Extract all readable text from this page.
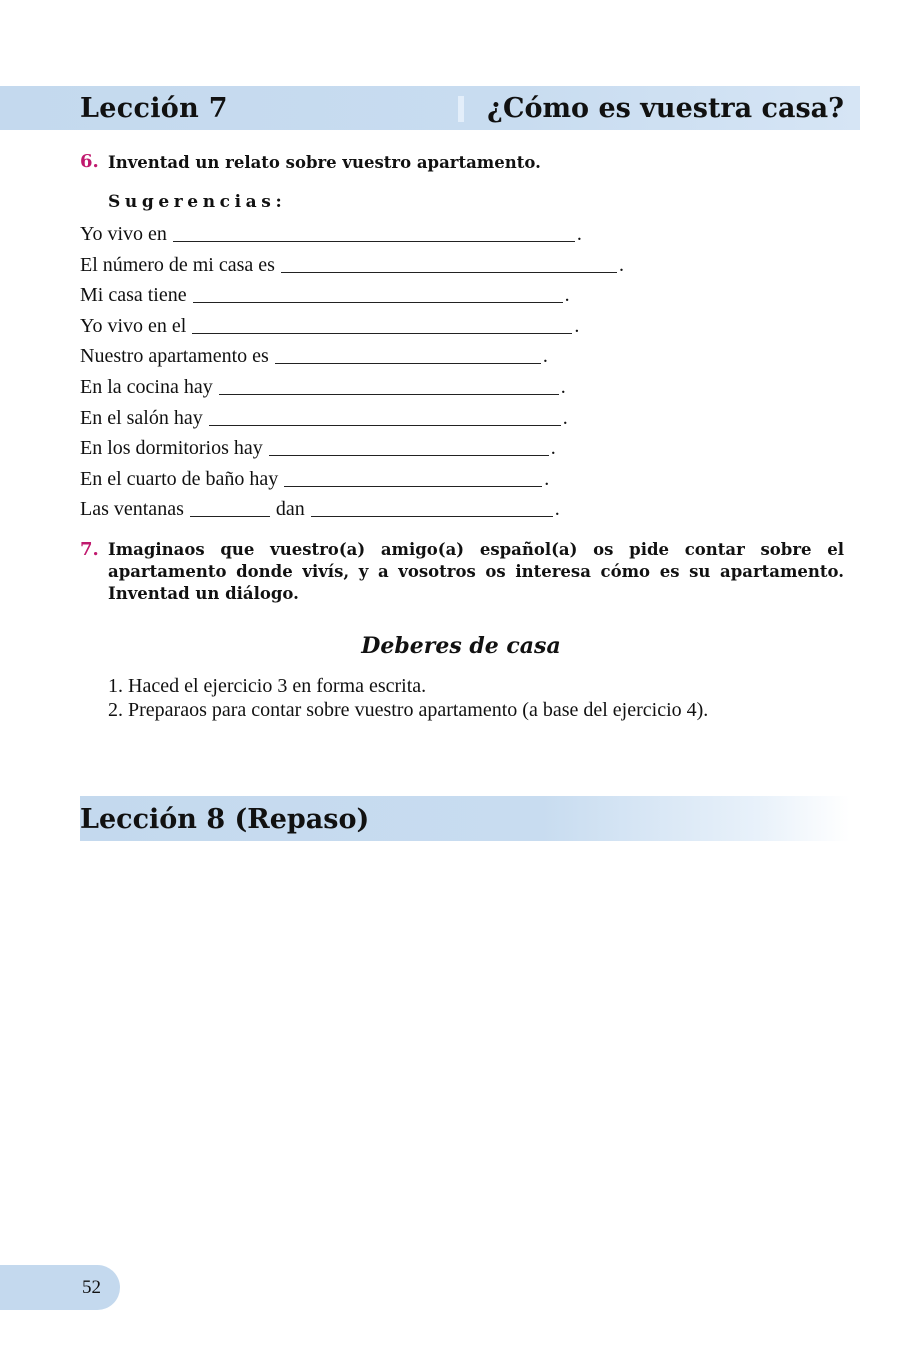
Lección 7	¿Cómo es vuestra casa?
6. Inventad un relato sobre vuestro apartamento.

Sugerencias:

Yo vivo en	.
El número de mi casa es	.
Mi casa tiene	.
Yo vivo en el	.
Nuestro apartamento es	.
En la cocina hay	.
En el salón hay	.
En los dormitorios hay	.
En el cuarto de baño hay	.
Las ventanas	dan	.
7. Imaginaos que vuestro(a) amigo(a) español(a) os pide contar sobre el apartamento donde vivís, y a vosotros os interesa cómo es su apartamento. Inventad un diálogo.
Deberes de casa
1. Haced el ejercicio 3 en forma escrita.
2. Preparaos para contar sobre vuestro apartamento (a base del ejercicio 4).
Lección 8 (Repaso)
52
